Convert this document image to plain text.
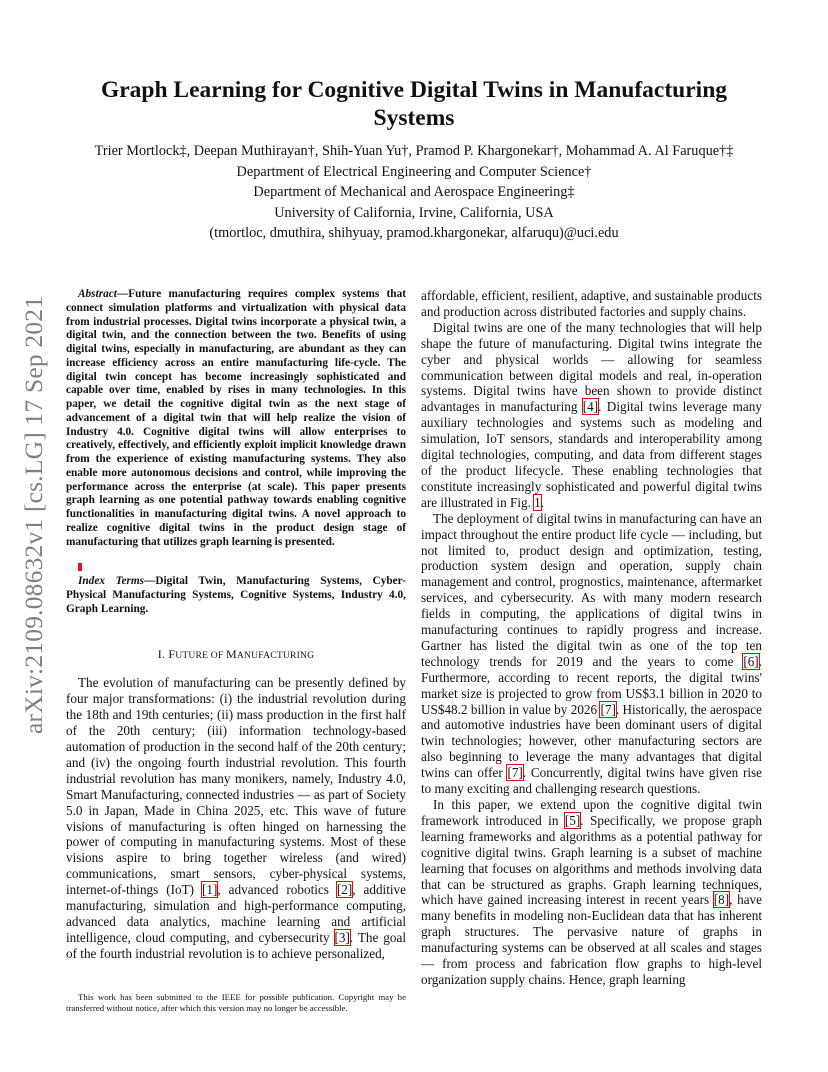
arXiv:2109.08632v1 [cs.LG] 17 Sep 2021
Graph Learning for Cognitive Digital Twins in Manufacturing
Systems
Trier Mortlock‡, Deepan Muthirayan†, Shih-Yuan Yu†, Pramod P. Khargonekar†, Mohammad A. Al Faruque†‡
Department of Electrical Engineering and Computer Science†
Department of Mechanical and Aerospace Engineering‡
University of California, Irvine, California, USA
(tmortloc, dmuthira, shihyuay, pramod.khargonekar, alfaruqu)@uci.edu

Abstract—Future manufacturing requires complex systems that connect simulation platforms and virtualization with physical data from industrial processes. Digital twins incorporate a physical twin, a digital twin, and the connection between the two. Benefits of using digital twins, especially in manufacturing, are abundant as they can increase efficiency across an entire manufacturing life-cycle. The digital twin concept has become increasingly sophisticated and capable over time, enabled by rises in many technologies. In this paper, we detail the cognitive digital twin as the next stage of advancement of a digital twin that will help realize the vision of Industry 4.0. Cognitive digital twins will allow enterprises to creatively, effectively, and efficiently exploit implicit knowledge drawn from the experience of existing manufacturing systems. They also enable more autonomous decisions and control, while improving the performance across the enterprise (at scale). This paper presents graph learning as one potential pathway towards enabling cognitive functionalities in manufacturing digital twins. A novel approach to realize cognitive digital twins in the product design stage of manufacturing that utilizes graph learning is presented.

Index Terms—Digital Twin, Manufacturing Systems, Cyber-Physical Manufacturing Systems, Cognitive Systems, Industry 4.0, Graph Learning.
I. FUTURE OF MANUFACTURING

The evolution of manufacturing can be presently defined by four major transformations: (i) the industrial revolution during the 18th and 19th centuries; (ii) mass production in the first half of the 20th century; (iii) information technology-based automation of production in the second half of the 20th century; and (iv) the ongoing fourth industrial revolution. This fourth industrial revolution has many monikers, namely, Industry 4.0, Smart Manufacturing, connected industries — as part of Society 5.0 in Japan, Made in China 2025, etc. This wave of future visions of manufacturing is often hinged on harnessing the power of computing in manufacturing systems. Most of these visions aspire to bring together wireless (and wired) communications, smart sensors, cyber-physical systems, internet-of-things (IoT) [1], advanced robotics [2], additive manufacturing, simulation and high-performance computing, advanced data analytics, machine learning and artificial intelligence, cloud computing, and cybersecurity [3]. The goal of the fourth industrial revolution is to achieve personalized,

This work has been submitted to the IEEE for possible publication. Copyright may be transferred without notice, after which this version may no longer be accessible.

affordable, efficient, resilient, adaptive, and sustainable products and production across distributed factories and supply chains.

Digital twins are one of the many technologies that will help shape the future of manufacturing. Digital twins integrate the cyber and physical worlds — allowing for seamless communication between digital models and real, in-operation systems. Digital twins have been shown to provide distinct advantages in manufacturing [4]. Digital twins leverage many auxiliary technologies and systems such as modeling and simulation, IoT sensors, standards and interoperability among digital technologies, computing, and data from different stages of the product lifecycle. These enabling technologies that constitute increasingly sophisticated and powerful digital twins are illustrated in Fig. 1.

The deployment of digital twins in manufacturing can have an impact throughout the entire product life cycle — including, but not limited to, product design and optimization, testing, production system design and operation, supply chain management and control, prognostics, maintenance, aftermarket services, and cybersecurity. As with many modern research fields in computing, the applications of digital twins in manufacturing continues to rapidly progress and increase. Gartner has listed the digital twin as one of the top ten technology trends for 2019 and the years to come [6]. Furthermore, according to recent reports, the digital twins' market size is projected to grow from US$3.1 billion in 2020 to US$48.2 billion in value by 2026 [7]. Historically, the aerospace and automotive industries have been dominant users of digital twin technologies; however, other manufacturing sectors are also beginning to leverage the many advantages that digital twins can offer [7]. Concurrently, digital twins have given rise to many exciting and challenging research questions.

In this paper, we extend upon the cognitive digital twin framework introduced in [5]. Specifically, we propose graph learning frameworks and algorithms as a potential pathway for cognitive digital twins. Graph learning is a subset of machine learning that focuses on algorithms and methods involving data that can be structured as graphs. Graph learning techniques, which have gained increasing interest in recent years [8], have many benefits in modeling non-Euclidean data that has inherent graph structures. The pervasive nature of graphs in manufacturing systems can be observed at all scales and stages — from process and fabrication flow graphs to high-level organization supply chains. Hence, graph learning
